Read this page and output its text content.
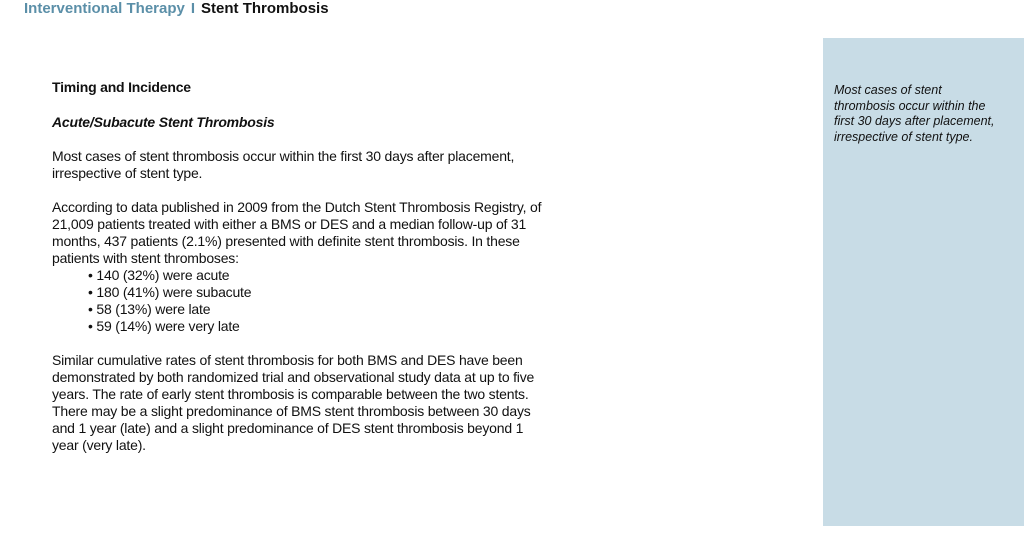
Interventional Therapy I Stent Thrombosis

Timing and Incidence

Acute/Subacute Stent Thrombosis

Most cases of stent thrombosis occur within the first 30 days after placement, irrespective of stent type.

According to data published in 2009 from the Dutch Stent Thrombosis Registry, of 21,009 patients treated with either a BMS or DES and a median follow-up of 31 months, 437 patients (2.1%) presented with definite stent thrombosis. In these patients with stent thromboses:

• 140 (32%) were acute
• 180 (41%) were subacute
• 58 (13%) were late
• 59 (14%) were very late

Similar cumulative rates of stent thrombosis for both BMS and DES have been demonstrated by both randomized trial and observational study data at up to five years. The rate of early stent thrombosis is comparable between the two stents. There may be a slight predominance of BMS stent thrombosis between 30 days and 1 year (late) and a slight predominance of DES stent thrombosis beyond 1 year (very late).

Most cases of stent thrombosis occur within the first 30 days after placement, irrespective of stent type.
